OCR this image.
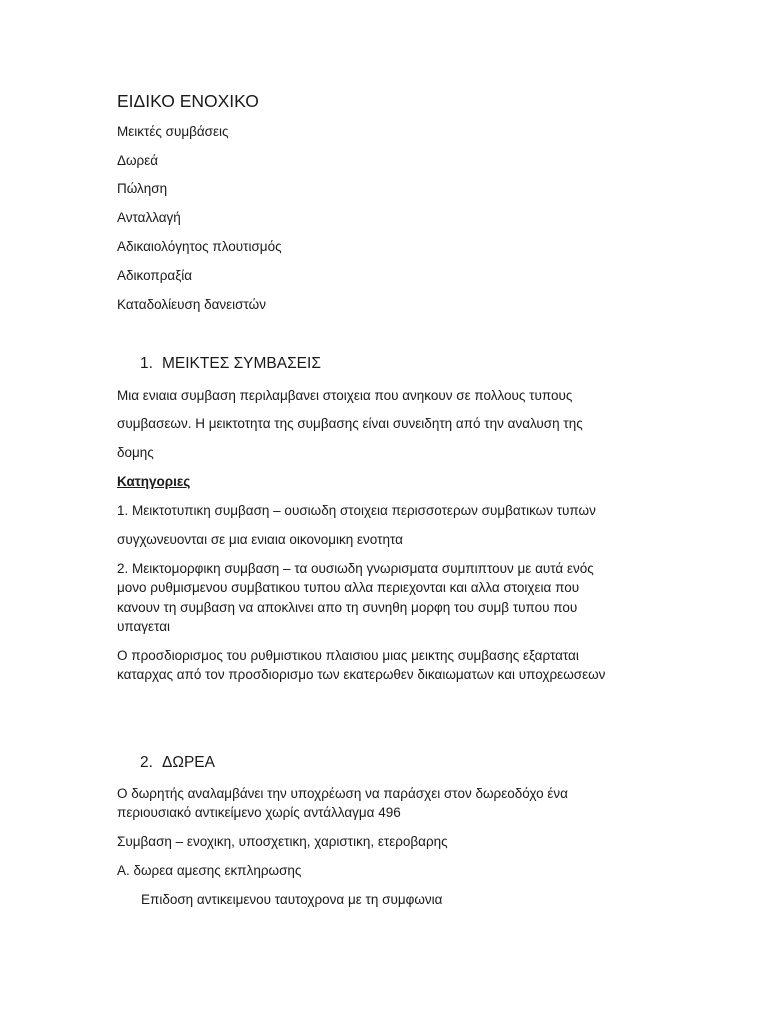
ΕΙΔΙΚΟ ΕΝΟΧΙΚΟ
Μεικτές συμβάσεις
Δωρεά
Πώληση
Ανταλλαγή
Αδικαιολόγητος πλουτισμός
Αδικοπραξία
Καταδολίευση δανειστών
1. ΜΕΙΚΤΕΣ ΣΥΜΒΑΣΕΙΣ
Μια ενιαια συμβαση περιλαμβανει στοιχεια που ανηκουν σε πολλους τυπους
συμβασεων. Η μεικτοτητα της συμβασης είναι συνειδητη από την αναλυση της
δομης
Κατηγοριες
1. Μεικτοτυπικη συμβαση – ουσιωδη στοιχεια περισσοτερων συμβατικων τυπων
συγχωνευονται σε μια ενιαια οικονομικη ενοτητα
2. Μεικτομορφικη συμβαση – τα ουσιωδη γνωρισματα συμπιπτουν με αυτά ενός
μονο ρυθμισμενου συμβατικου τυπου αλλα περιεχονται και αλλα στοιχεια που
κανουν τη συμβαση να αποκλινει απο τη συνηθη μορφη του συμβ τυπου που
υπαγεται
Ο προσδιορισμος του ρυθμιστικου πλαισιου μιας μεικτης συμβασης εξαρταται
καταρχας από τον προσδιορισμο των εκατερωθεν δικαιωματων και υποχρεωσεων
2. ΔΩΡΕΑ
Ο δωρητής αναλαμβάνει την υποχρέωση να παράσχει στον δωρεοδόχο ένα
περιουσιακό αντικείμενο χωρίς αντάλλαγμα 496
Συμβαση – ενοχικη, υποσχετικη, χαριστικη, ετεροβαρης
Α. δωρεα αμεσης εκπληρωσης
Επιδοση αντικειμενου ταυτοχρονα με τη συμφωνια
